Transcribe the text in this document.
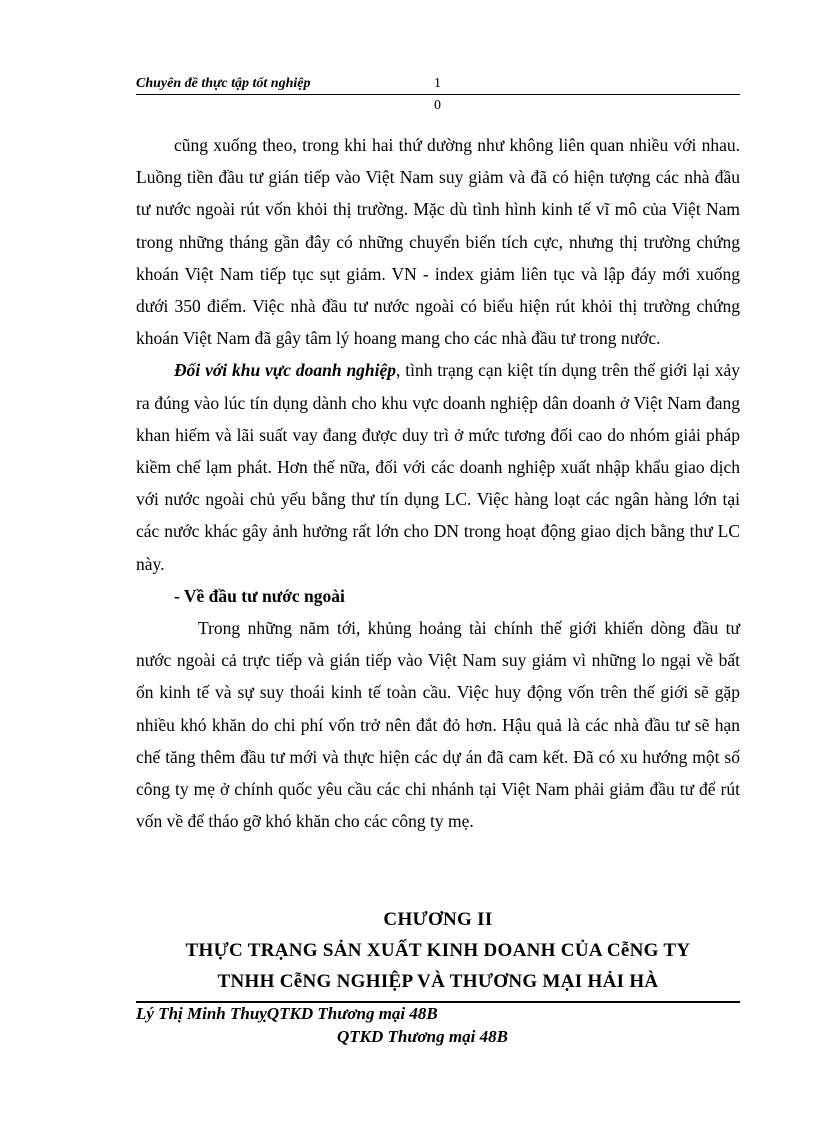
Chuyên đề thực tập tốt nghiệp	1
0

cũng xuống theo, trong khi hai thứ dường như không liên quan nhiều với nhau. Luồng tiền đầu tư gián tiếp vào Việt Nam suy giảm và đã có hiện tượng các nhà đầu tư nước ngoài rút vốn khỏi thị trường. Mặc dù tình hình kinh tế vĩ mô của Việt Nam trong những tháng gần đây có những chuyển biến tích cực, nhưng thị trường chứng khoán Việt Nam tiếp tục sụt giảm. VN - index giảm liên tục và lập đáy mới xuống dưới 350 điểm. Việc nhà đầu tư nước ngoài có biểu hiện rút khỏi thị trường chứng khoán Việt Nam đã gây tâm lý hoang mang cho các nhà đầu tư trong nước.

Đối với khu vực doanh nghiệp, tình trạng cạn kiệt tín dụng trên thế giới lại xảy ra đúng vào lúc tín dụng dành cho khu vực doanh nghiệp dân doanh ở Việt Nam đang khan hiếm và lãi suất vay đang được duy trì ở mức tương đối cao do nhóm giải pháp kiềm chế lạm phát. Hơn thế nữa, đối với các doanh nghiệp xuất nhập khẩu giao dịch với nước ngoài chủ yếu bằng thư tín dụng LC. Việc hàng loạt các ngân hàng lớn tại các nước khác gây ảnh hưởng rất lớn cho DN trong hoạt động giao dịch bằng thư LC này.

- Về đầu tư nước ngoài

Trong những năm tới, khủng hoảng tài chính thế giới khiến dòng đầu tư nước ngoài cả trực tiếp và gián tiếp vào Việt Nam suy giảm vì những lo ngại về bất ổn kinh tế và sự suy thoái kinh tế toàn cầu. Việc huy động vốn trên thế giới sẽ gặp nhiều khó khăn do chi phí vốn trở nên đắt đỏ hơn. Hậu quả là các nhà đầu tư sẽ hạn chế tăng thêm đầu tư mới và thực hiện các dự án đã cam kết. Đã có xu hướng một số công ty mẹ ở chính quốc yêu cầu các chi nhánh tại Việt Nam phải giảm đầu tư để rút vốn về để tháo gỡ khó khăn cho các công ty mẹ.

CHƯƠNG II

THỰC TRẠNG SẢN XUẤT KINH DOANH CỦA CễNG TY

TNHH CễNG NGHIỆP VÀ THƯƠNG MẠI HẢI HÀ

Lý Thị Minh ThuỵQTKD Thương mại 48B
QTKD Thương mại 48B
